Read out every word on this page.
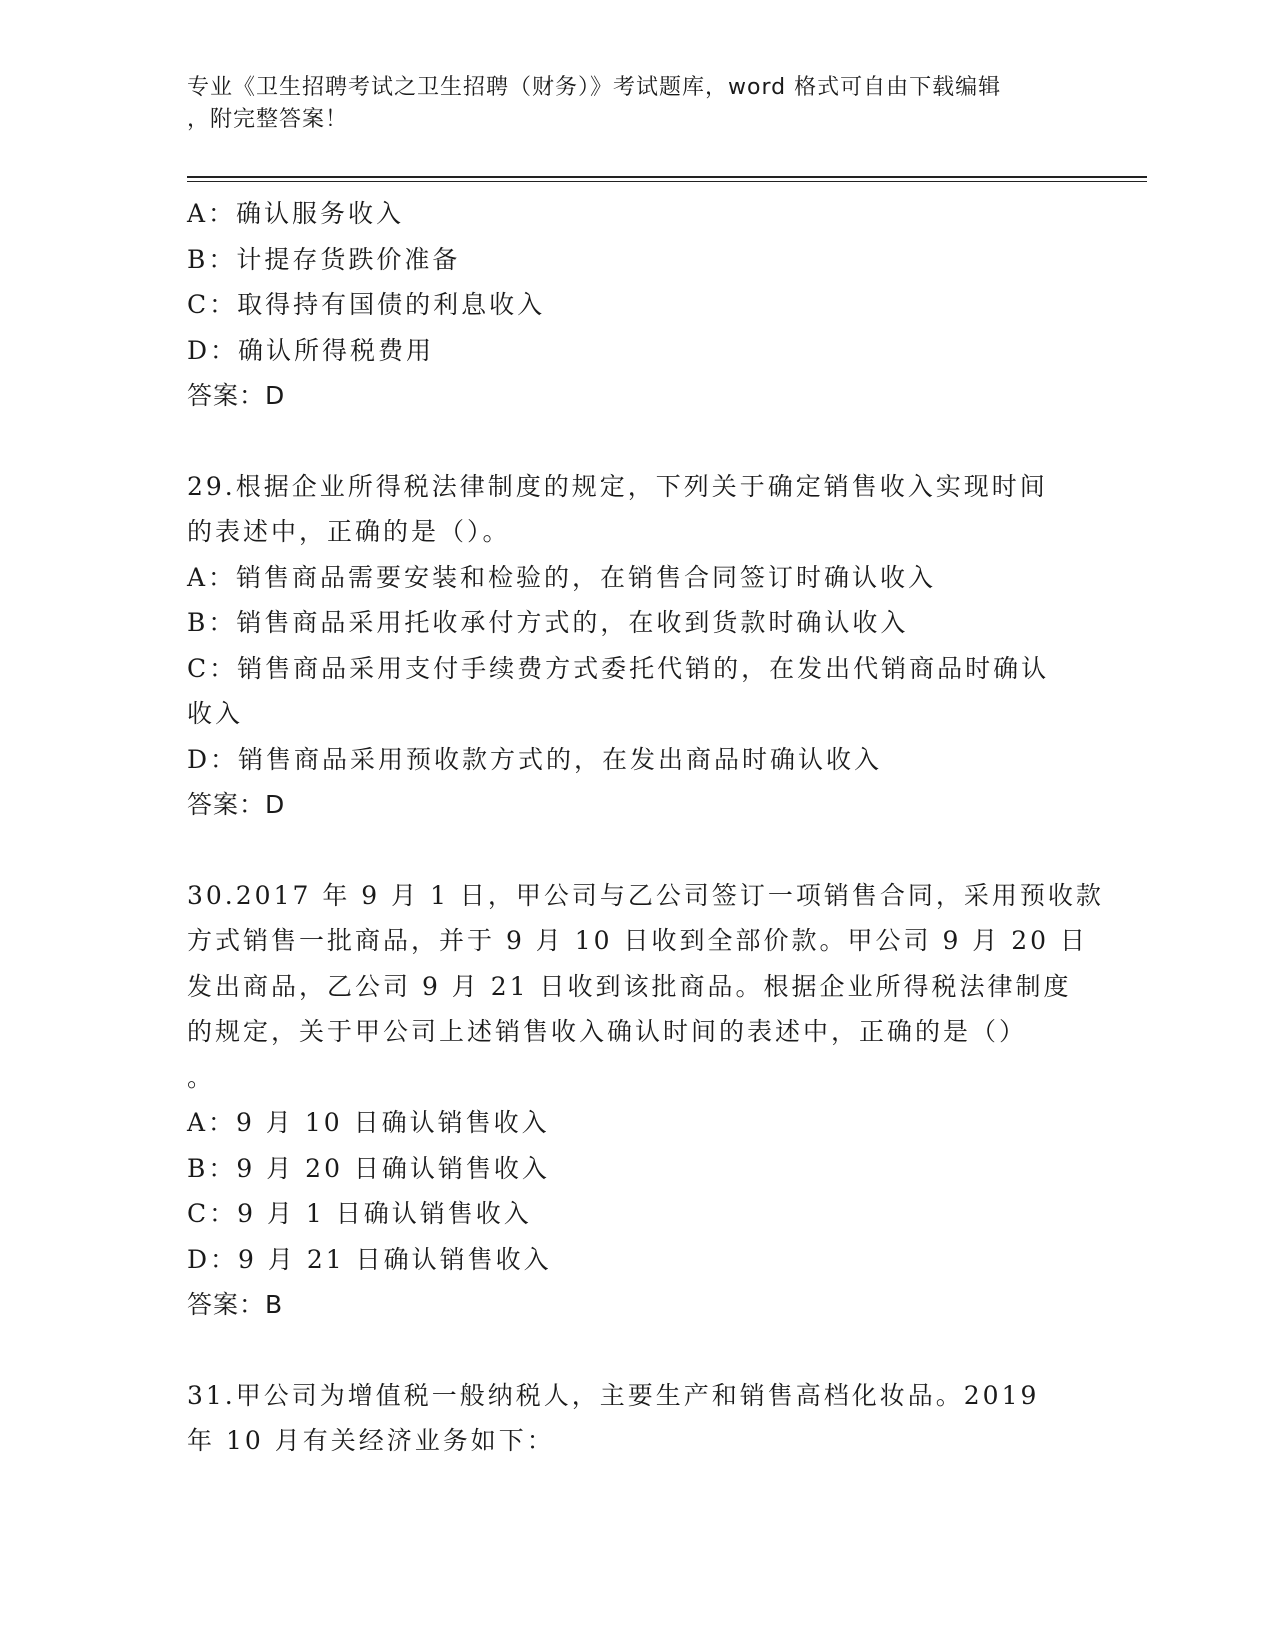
专业《卫生招聘考试之卫生招聘（财务）》考试题库，word 格式可自由下载编辑
，附完整答案！
A：确认服务收入
B：计提存货跌价准备
C：取得持有国债的利息收入
D：确认所得税费用
答案：D
29.根据企业所得税法律制度的规定，下列关于确定销售收入实现时间
的表述中，正确的是（）。
A：销售商品需要安装和检验的，在销售合同签订时确认收入
B：销售商品采用托收承付方式的，在收到货款时确认收入
C：销售商品采用支付手续费方式委托代销的，在发出代销商品时确认
收入
D：销售商品采用预收款方式的，在发出商品时确认收入
答案：D
30.2017 年 9 月 1 日，甲公司与乙公司签订一项销售合同，采用预收款
方式销售一批商品，并于 9 月 10 日收到全部价款。甲公司 9 月 20 日
发出商品，乙公司 9 月 21 日收到该批商品。根据企业所得税法律制度
的规定，关于甲公司上述销售收入确认时间的表述中，正确的是（）
。
A：9 月 10 日确认销售收入
B：9 月 20 日确认销售收入
C：9 月 1 日确认销售收入
D：9 月 21 日确认销售收入
答案：B
31.甲公司为增值税一般纳税人，主要生产和销售高档化妆品。2019
年 10 月有关经济业务如下：
